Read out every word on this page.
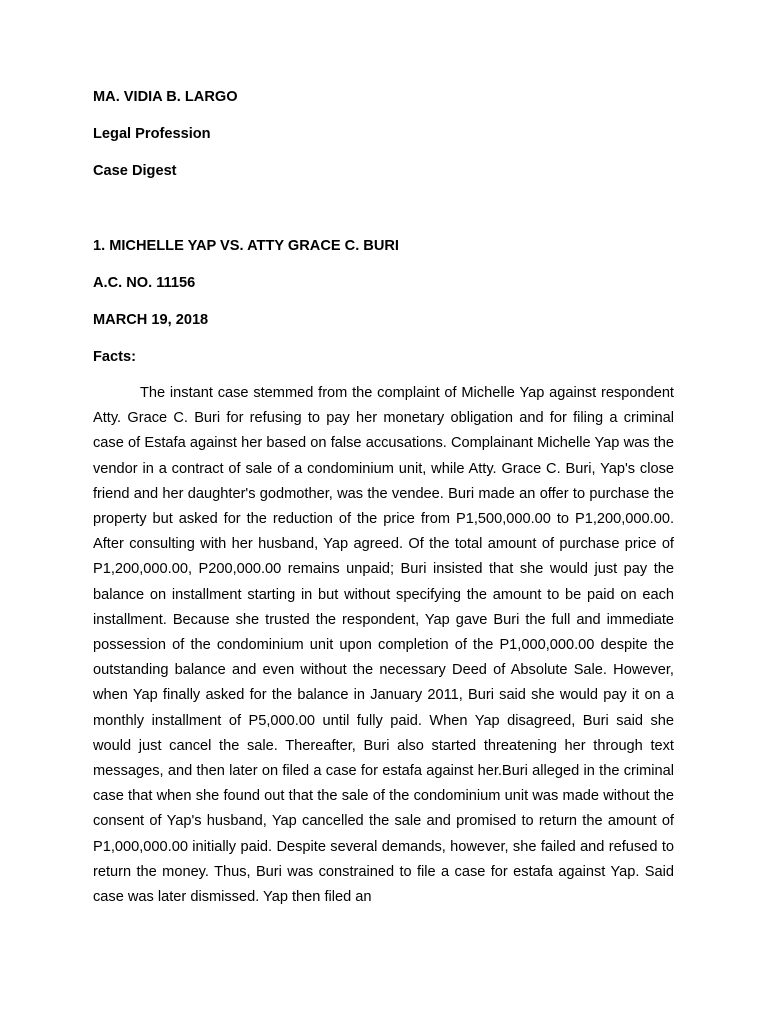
MA. VIDIA B. LARGO

Legal Profession

Case Digest

1. MICHELLE YAP VS. ATTY GRACE C. BURI

A.C. NO. 11156

MARCH 19, 2018

Facts:

The instant case stemmed from the complaint of Michelle Yap against respondent Atty. Grace C. Buri for refusing to pay her monetary obligation and for filing a criminal case of Estafa against her based on false accusations. Complainant Michelle Yap was the vendor in a contract of sale of a condominium unit, while Atty. Grace C. Buri, Yap's close friend and her daughter's godmother, was the vendee. Buri made an offer to purchase the property but asked for the reduction of the price from P1,500,000.00 to P1,200,000.00. After consulting with her husband, Yap agreed. Of the total amount of purchase price of P1,200,000.00, P200,000.00 remains unpaid; Buri insisted that she would just pay the balance on installment starting in but without specifying the amount to be paid on each installment. Because she trusted the respondent, Yap gave Buri the full and immediate possession of the condominium unit upon completion of the P1,000,000.00 despite the outstanding balance and even without the necessary Deed of Absolute Sale. However, when Yap finally asked for the balance in January 2011, Buri said she would pay it on a monthly installment of P5,000.00 until fully paid. When Yap disagreed, Buri said she would just cancel the sale. Thereafter, Buri also started threatening her through text messages, and then later on filed a case for estafa against her.Buri alleged in the criminal case that when she found out that the sale of the condominium unit was made without the consent of Yap's husband, Yap cancelled the sale and promised to return the amount of P1,000,000.00 initially paid. Despite several demands, however, she failed and refused to return the money. Thus, Buri was constrained to file a case for estafa against Yap. Said case was later dismissed. Yap then filed an
